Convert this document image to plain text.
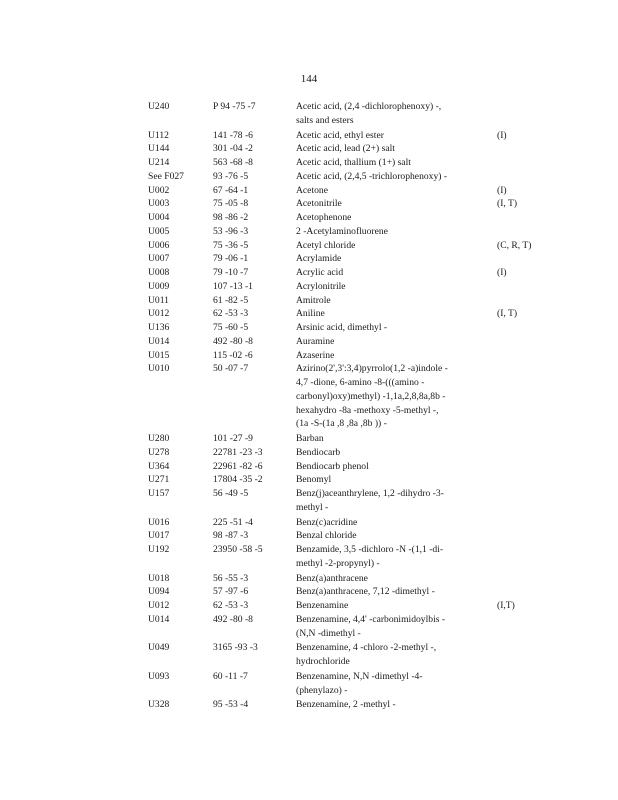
144
U240	P 94 -75 -7	Acetic acid, (2,4 -dichlorophenoxy) -,
salts and esters
U112	141 -78 -6	Acetic acid, ethyl ester	(I)
U144	301 -04 -2	Acetic acid, lead (2+) salt
U214	563 -68 -8	Acetic acid, thallium (1+) salt
See F027	93 -76 -5	Acetic acid, (2,4,5 -trichlorophenoxy) -
U002	67 -64 -1	Acetone	(I)
U003	75 -05 -8	Acetonitrile	(I, T)
U004	98 -86 -2	Acetophenone
U005	53 -96 -3	2 -Acetylaminofluorene
U006	75 -36 -5	Acetyl chloride	(C, R, T)
U007	79 -06 -1	Acrylamide
U008	79 -10 -7	Acrylic acid	(I)
U009	107 -13 -1	Acrylonitrile
U011	61 -82 -5	Amitrole
U012	62 -53 -3	Aniline	(I, T)
U136	75 -60 -5	Arsinic acid, dimethyl -
U014	492 -80 -8	Auramine
U015	115 -02 -6	Azaserine
U010	50 -07 -7	Azirino(2',3':3,4)pyrrolo(1,2 -a)indole -
4,7 -dione, 6-amino -8-(((amino -
carbonyl)oxy)methyl) -1,1a,2,8,8a,8b -
hexahydro -8a -methoxy -5-methyl -,
(1a -S-(1a ,8 ,8a ,8b )) -
U280	101 -27 -9	Barban
U278	22781 -23 -3	Bendiocarb
U364	22961 -82 -6	Bendiocarb phenol
U271	17804 -35 -2	Benomyl
U157	56 -49 -5	Benz(j)aceanthrylene, 1,2 -dihydro -3-
methyl -
U016	225 -51 -4	Benz(c)acridine
U017	98 -87 -3	Benzal chloride
U192	23950 -58 -5	Benzamide, 3,5 -dichloro -N -(1,1 -di-
methyl -2-propynyl) -
U018	56 -55 -3	Benz(a)anthracene
U094	57 -97 -6	Benz(a)anthracene, 7,12 -dimethyl -
U012	62 -53 -3	Benzenamine	(I,T)
U014	492 -80 -8	Benzenamine, 4,4' -carbonimidoylbis -
(N,N -dimethyl -
U049	3165 -93 -3	Benzenamine, 4 -chloro -2-methyl -,
hydrochloride
U093	60 -11 -7	Benzenamine, N,N -dimethyl -4-
(phenylazo) -
U328	95 -53 -4	Benzenamine, 2 -methyl -
